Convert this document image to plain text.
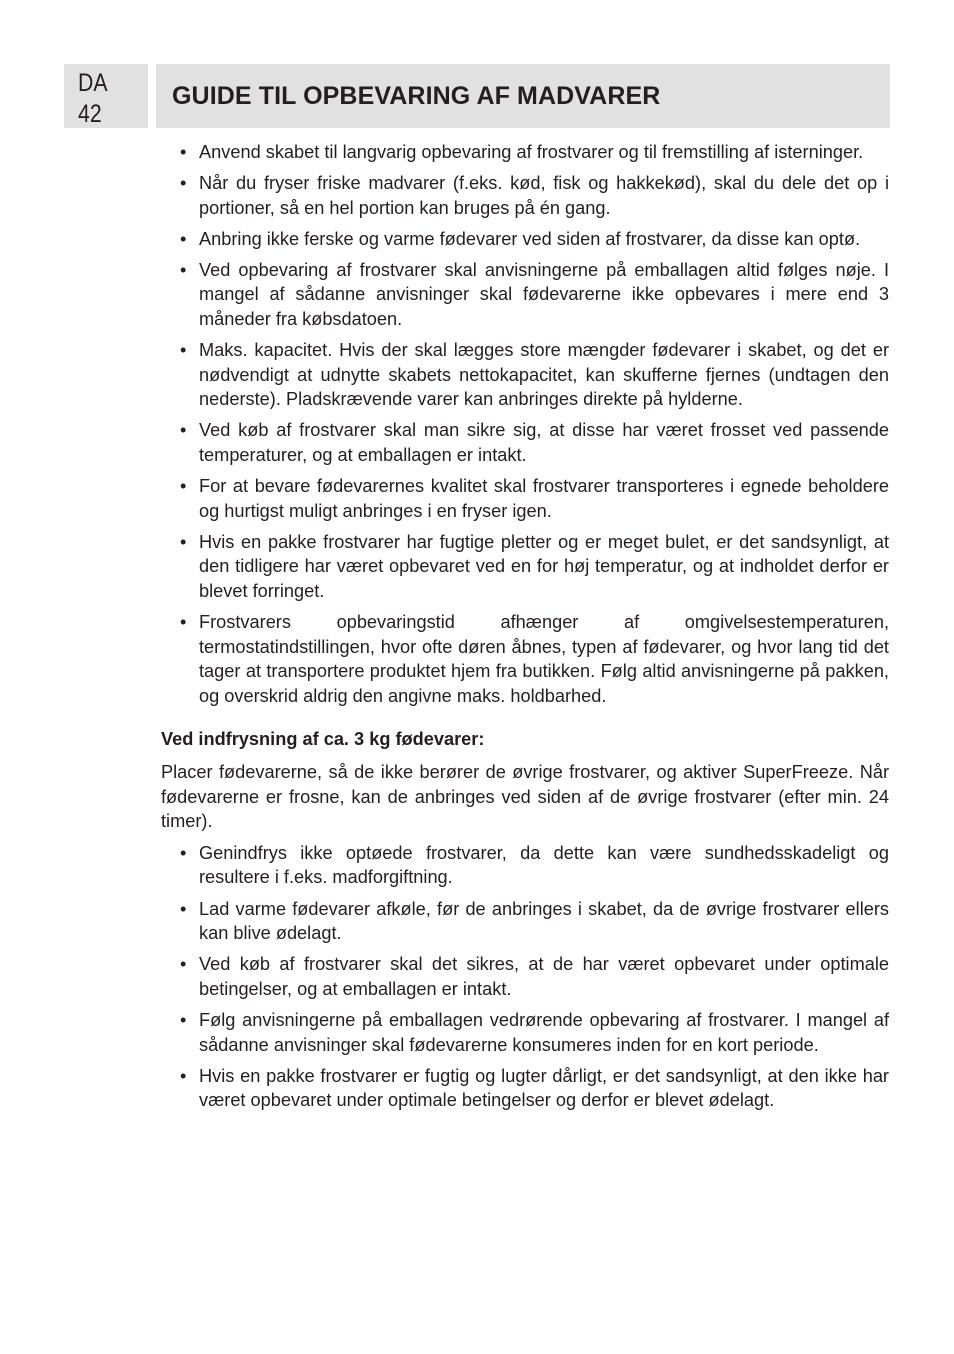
DA
42
GUIDE TIL OPBEVARING AF MADVARER
• Anvend skabet til langvarig opbevaring af frostvarer og til fremstilling af isterninger.
• Når du fryser friske madvarer (f.eks. kød, fisk og hakkekød), skal du dele det op i portioner, så en hel portion kan bruges på én gang.
• Anbring ikke ferske og varme fødevarer ved siden af frostvarer, da disse kan optø.
• Ved opbevaring af frostvarer skal anvisningerne på emballagen altid følges nøje. I mangel af sådanne anvisninger skal fødevarerne ikke opbevares i mere end 3 måneder fra købsdatoen.
• Maks. kapacitet. Hvis der skal lægges store mængder fødevarer i skabet, og det er nødvendigt at udnytte skabets nettokapacitet, kan skufferne fjernes (undtagen den nederste). Pladskrævende varer kan anbringes direkte på hylderne.
• Ved køb af frostvarer skal man sikre sig, at disse har været frosset ved passende temperaturer, og at emballagen er intakt.
• For at bevare fødevarernes kvalitet skal frostvarer transporteres i egnede beholdere og hurtigst muligt anbringes i en fryser igen.
• Hvis en pakke frostvarer har fugtige pletter og er meget bulet, er det sandsynligt, at den tidligere har været opbevaret ved en for høj temperatur, og at indholdet derfor er blevet forringet.
• Frostvarers opbevaringstid afhænger af omgivelsestemperaturen, termostatindstillingen, hvor ofte døren åbnes, typen af fødevarer, og hvor lang tid det tager at transportere produktet hjem fra butikken. Følg altid anvisningerne på pakken, og overskrid aldrig den angivne maks. holdbarhed.
Ved indfrysning af ca. 3 kg fødevarer:

Placer fødevarerne, så de ikke berører de øvrige frostvarer, og aktiver SuperFreeze. Når fødevarerne er frosne, kan de anbringes ved siden af de øvrige frostvarer (efter min. 24 timer).

• Genindfrys ikke optøede frostvarer, da dette kan være sundhedsskadeligt og resultere i f.eks. madforgiftning.
• Lad varme fødevarer afkøle, før de anbringes i skabet, da de øvrige frostvarer ellers kan blive ødelagt.
• Ved køb af frostvarer skal det sikres, at de har været opbevaret under optimale betingelser, og at emballagen er intakt.
• Følg anvisningerne på emballagen vedrørende opbevaring af frostvarer. I mangel af sådanne anvisninger skal fødevarerne konsumeres inden for en kort periode.
• Hvis en pakke frostvarer er fugtig og lugter dårligt, er det sandsynligt, at den ikke har været opbevaret under optimale betingelser og derfor er blevet ødelagt.
